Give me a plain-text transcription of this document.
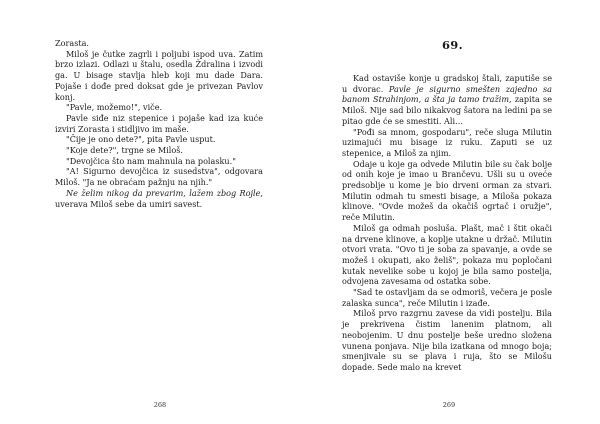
Zorasta.

Miloš je čutke zagrli i poljubi ispod uva. Zatim brzo izlazi. Odlazi u štalu, osedla Ždralina i izvodi ga. U bisage stavlja hleb koji mu dade Dara. Pojaše i dođe pred doksat gde je privezan Pavlov konj.

"Pavle, možemo!", viče.

Pavle siđe niz stepenice i pojaše kad iza kuće izviri Zorasta i stidljivo im maše.

"Čije je ono dete?", pita Pavle usput.

"Koje dete?", trgne se Miloš.

"Devojčica što nam mahnula na polasku."

"A! Sigurno devojčica iz susedstva", odgovara Miloš. "Ja ne obraćam pažnju na njih."

Ne želim nikog da prevarim, lažem zbog Rojle, uverava Miloš sebe da umiri savest.

268
69.

Kad ostaviše konje u gradskoj štali, zaputiše se u dvorac. Pavle je sigurno smešten zajedno sa banom Strahinjom, a šta ja tamo tražim, zapita se Miloš. Nije sad bilo nikakvog šatora na ledini pa se pitao gde će se smestiti. Ali…

"Pođi sa mnom, gospodaru", reče sluga Milutin uzimajući mu bisage iz ruku. Zaputi se uz stepenice, a Miloš za njim.

Odaje u koje ga odvede Milutin bile su čak bolje od onih koje je imao u Brančevu. Ušli su u oveće predsoblje u kome je bio drveni orman za stvari. Milutin odmah tu smesti bisage, a Miloša pokaza klinove. "Ovde možeš da okačiš ogrtač i oružje", reče Milutin.

Miloš ga odmah posluša. Plašt, mač i štit okači na drvene klinove, a koplje utakne u držač. Milutin otvori vrata. "Ovo ti je soba za spavanje, a ovde se možeš i okupati, ako želiš", pokaza mu popločani kutak nevelike sobe u kojoj je bila samo postelja, odvojena zavesama od ostatka sobe.

"Sad te ostavljam da se odmoriš, večera je posle zalaska sunca", reče Milutin i izađe.

Miloš prvo razgrnu zavese da vidi postelju. Bila je prekrivena čistim lanenim platnom, ali neobojenim. U dnu postelje beše uredno složena vunena ponjava. Nije bila izatkana od mnogo boja; smenjivale su se plava i ruja, što se Milošu dopade. Sede malo na krevet

269
